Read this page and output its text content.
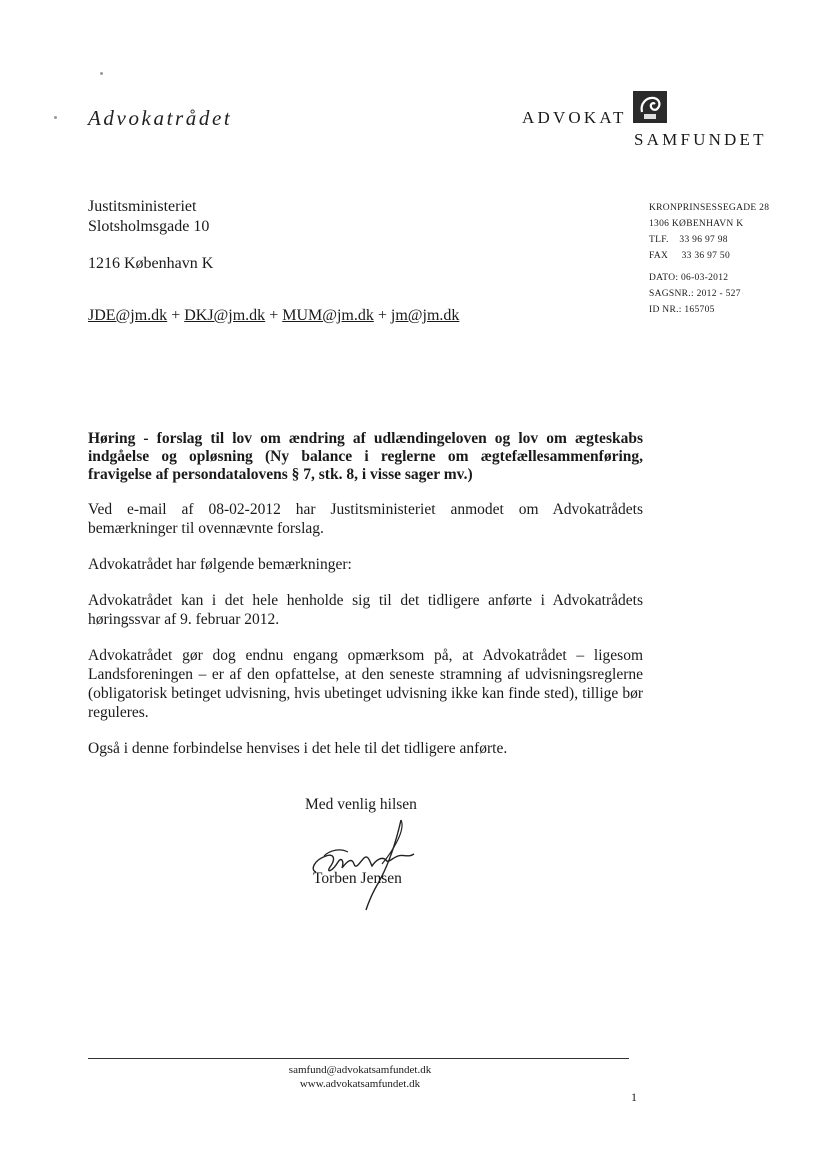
Advokatrådet	ADVOKAT
SAMFUNDET
Justitsministeriet
Slotsholmsgade 10
1216 København K
JDE@jm.dk + DKJ@jm.dk + MUM@jm.dk + jm@jm.dk
KRONPRINSESSEGADE 28
1306 KØBENHAVN K
TLF.    33 96 97 98
FAX     33 36 97 50
DATO: 06-03-2012
SAGSNR.: 2012 - 527
ID NR.: 165705
Høring - forslag til lov om ændring af udlændingeloven og lov om ægteskabs indgåelse og opløsning (Ny balance i reglerne om ægtefællesammenføring, fravigelse af persondatalovens § 7, stk. 8, i visse sager mv.)

Ved e-mail af 08-02-2012 har Justitsministeriet anmodet om Advokatrådets bemærkninger til ovennævnte forslag.

Advokatrådet har følgende bemærkninger:

Advokatrådet kan i det hele henholde sig til det tidligere anførte i Advokatrådets høringssvar af 9. februar 2012.

Advokatrådet gør dog endnu engang opmærksom på, at Advokatrådet – ligesom Landsforeningen – er af den opfattelse, at den seneste stramning af udvisningsreglerne (obligatorisk betinget udvisning, hvis ubetinget udvisning ikke kan finde sted), tillige bør reguleres.

Også i denne forbindelse henvises i det hele til det tidligere anførte.

Med venlig hilsen
Torben Jensen
samfund@advokatsamfundet.dk
www.advokatsamfundet.dk
1
